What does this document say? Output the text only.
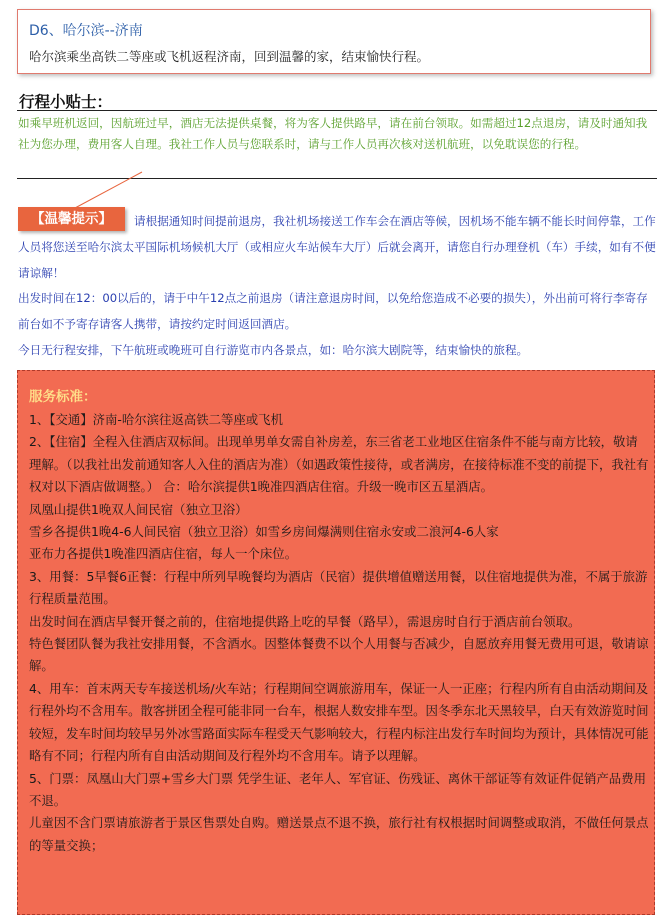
D6、哈尔滨--济南
哈尔滨乘坐高铁二等座或飞机返程济南，回到温馨的家，结束愉快行程。
行程小贴士：
如乘早班机返回，因航班过早，酒店无法提供桌餐，将为客人提供路早，请在前台领取。如需超过12点退房，请及时通知我社为您办理，费用客人自理。我社工作人员与您联系时，请与工作人员再次核对送机航班，以免耽误您的行程。

请根据通知时间提前退房，我社机场接送工作车会在酒店等候，因机场不能车辆不能长时间停靠，工作人员将您送至哈尔滨太平国际机场候机大厅（或相应火车站候车大厅）后就会离开，请您自行办理登机（车）手续，如有不便请谅解！

出发时间在12：00以后的，请于中午12点之前退房（请注意退房时间，以免给您造成不必要的损失），外出前可将行李寄存前台如不予寄存请客人携带，请按约定时间返回酒店。

今日无行程安排，下午航班或晚班可自行游览市内各景点，如：哈尔滨大剧院等，结束愉快的旅程。

【温馨提示】
服务标准：

1、【交通】济南-哈尔滨往返高铁二等座或飞机

2、【住宿】全程入住酒店双标间。出现单男单女需自补房差，东三省老工业地区住宿条件不能与南方比较，敬请理解。（以我社出发前通知客人入住的酒店为准）（如遇政策性接待，或者满房，在接待标准不变的前提下，我社有权对以下酒店做调整。） 合：哈尔滨提供1晚准四酒店住宿。升级一晚市区五星酒店。

凤凰山提供1晚双人间民宿（独立卫浴）

雪乡各提供1晚4-6人间民宿（独立卫浴）如雪乡房间爆满则住宿永安或二浪河4-6人家

亚布力各提供1晚准四酒店住宿，每人一个床位。

3、用餐：5早餐6正餐：行程中所列早晚餐均为酒店（民宿）提供增值赠送用餐，以住宿地提供为准，不属于旅游行程质量范围。

出发时间在酒店早餐开餐之前的，住宿地提供路上吃的早餐（路早），需退房时自行于酒店前台领取。

特色餐团队餐为我社安排用餐，不含酒水。因整体餐费不以个人用餐与否减少，自愿放弃用餐无费用可退，敬请谅解。

4、用车：首末两天专车接送机场/火车站；行程期间空调旅游用车，保证一人一正座；行程内所有自由活动期间及行程外均不含用车。散客拼团全程可能非同一台车，根据人数安排车型。因冬季东北天黑较早，白天有效游览时间较短，发车时间均较早另外冰雪路面实际车程受天气影响较大，行程内标注出发行车时间均为预计，具体情况可能略有不同；行程内所有自由活动期间及行程外均不含用车。请予以理解。

5、门票：凤凰山大门票+雪乡大门票 凭学生证、老年人、军官证、伤残证、离休干部证等有效证件促销产品费用不退。

儿童因不含门票请旅游者于景区售票处自购。赠送景点不退不换，旅行社有权根据时间调整或取消，不做任何景点的等量交换；
